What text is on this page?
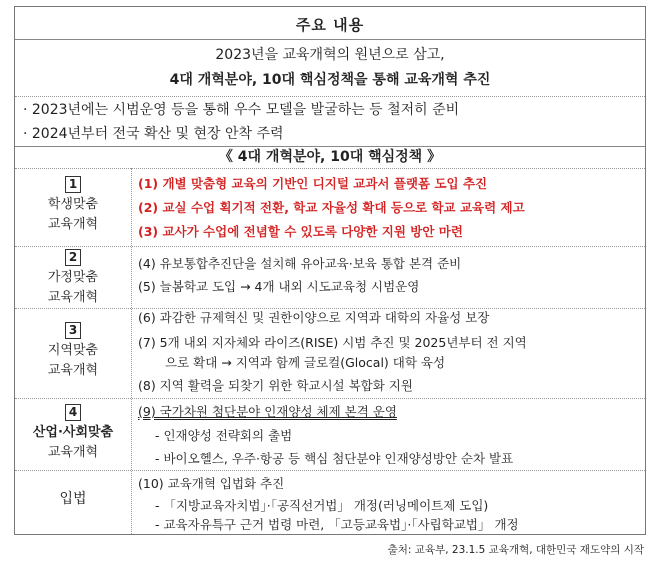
주요 내용
2023년을 교육개혁의 원년으로 삼고,
4대 개혁분야, 10대 핵심정책을 통해 교육개혁 추진
· 2023년에는 시범운영 등을 통해 우수 모델을 발굴하는 등 철저히 준비
· 2024년부터 전국 확산 및 현장 안착 주력
《 4대 개혁분야, 10대 핵심정책 》
1
학생맞춤
교육개혁
(1) 개별 맞춤형 교육의 기반인 디지털 교과서 플랫폼 도입 추진
(2) 교실 수업 획기적 전환, 학교 자율성 확대 등으로 학교 교육력 제고
(3) 교사가 수업에 전념할 수 있도록 다양한 지원 방안 마련
2
가정맞춤
교육개혁
(4) 유보통합추진단을 설치해 유아교육·보육 통합 본격 준비
(5) 늘봄학교 도입 → 4개 내외 시도교육청 시범운영
3
지역맞춤
교육개혁
(6) 과감한 규제혁신 및 권한이양으로 지역과 대학의 자율성 보장
(7) 5개 내외 지자체와 라이즈(RISE) 시범 추진 및 2025년부터 전 지역
으로 확대 → 지역과 함께 글로컬(Glocal) 대학 육성
(8) 지역 활력을 되찾기 위한 학교시설 복합화 지원
4
산업·사회맞춤
교육개혁
(9) 국가차원 첨단분야 인재양성 체제 본격 운영
- 인재양성 전략회의 출범
- 바이오헬스, 우주·항공 등 핵심 첨단분야 인재양성방안 순차 발표
입법
(10) 교육개혁 입법화 추진
- 「지방교육자치법」·「공직선거법」 개정(러닝메이트제 도입)
- 교육자유특구 근거 법령 마련, 「고등교육법」·「사립학교법」 개정
출처: 교육부, 23.1.5 교육개혁, 대한민국 재도약의 시작
